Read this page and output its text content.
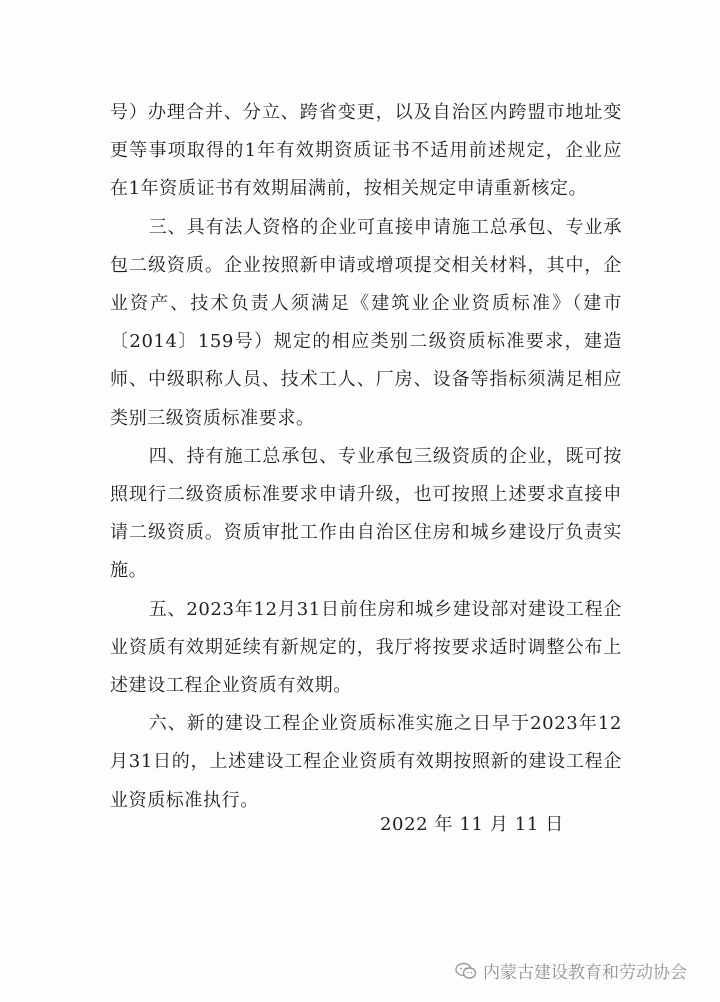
号）办理合并、分立、跨省变更，以及自治区内跨盟市地址变更等事项取得的1年有效期资质证书不适用前述规定，企业应在1年资质证书有效期届满前，按相关规定申请重新核定。

三、具有法人资格的企业可直接申请施工总承包、专业承包二级资质。企业按照新申请或增项提交相关材料，其中，企业资产、技术负责人须满足《建筑业企业资质标准》（建市〔2014〕159号）规定的相应类别二级资质标准要求，建造师、中级职称人员、技术工人、厂房、设备等指标须满足相应类别三级资质标准要求。

四、持有施工总承包、专业承包三级资质的企业，既可按照现行二级资质标准要求申请升级，也可按照上述要求直接申请二级资质。资质审批工作由自治区住房和城乡建设厅负责实施。

五、2023年12月31日前住房和城乡建设部对建设工程企业资质有效期延续有新规定的，我厅将按要求适时调整公布上述建设工程企业资质有效期。

六、新的建设工程企业资质标准实施之日早于2023年12月31日的，上述建设工程企业资质有效期按照新的建设工程企业资质标准执行。

2022 年 11 月 11 日
内蒙古建设教育和劳动协会
